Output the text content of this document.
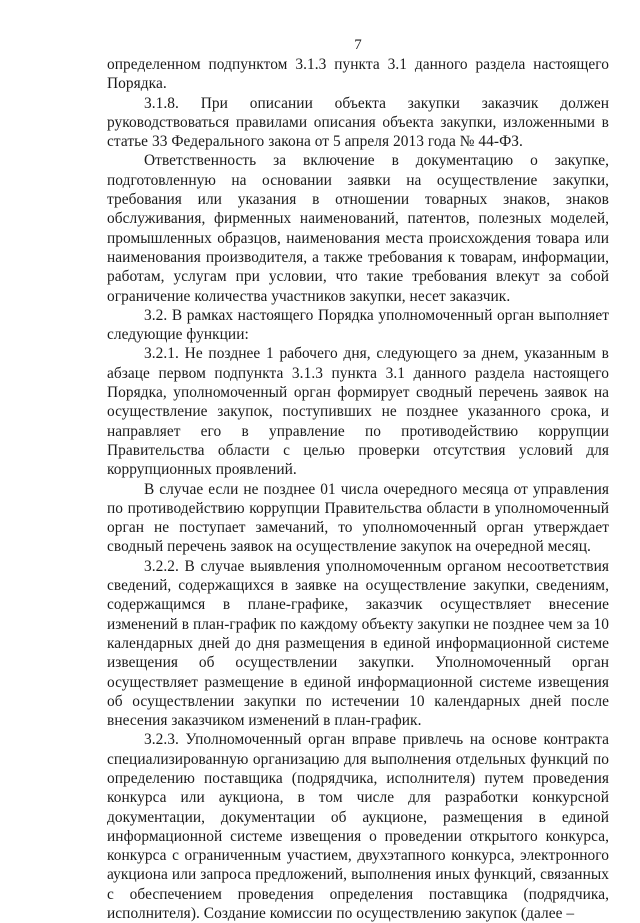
7

определенном подпунктом 3.1.3 пункта 3.1 данного раздела настоящего Порядка.

3.1.8. При описании объекта закупки заказчик должен руководствоваться правилами описания объекта закупки, изложенными в статье 33 Федерального закона от 5 апреля 2013 года № 44-ФЗ.

Ответственность за включение в документацию о закупке, подготовленную на основании заявки на осуществление закупки, требования или указания в отношении товарных знаков, знаков обслуживания, фирменных наименований, патентов, полезных моделей, промышленных образцов, наименования места происхождения товара или наименования производителя, а также требования к товарам, информации, работам, услугам при условии, что такие требования влекут за собой ограничение количества участников закупки, несет заказчик.

3.2. В рамках настоящего Порядка уполномоченный орган выполняет следующие функции:

3.2.1. Не позднее 1 рабочего дня, следующего за днем, указанным в абзаце первом подпункта 3.1.3 пункта 3.1 данного раздела настоящего Порядка, уполномоченный орган формирует сводный перечень заявок на осуществление закупок, поступивших не позднее указанного срока, и направляет его в управление по противодействию коррупции Правительства области с целью проверки отсутствия условий для коррупционных проявлений.

В случае если не позднее 01 числа очередного месяца от управления по противодействию коррупции Правительства области в уполномоченный орган не поступает замечаний, то уполномоченный орган утверждает сводный перечень заявок на осуществление закупок на очередной месяц.

3.2.2. В случае выявления уполномоченным органом несоответствия сведений, содержащихся в заявке на осуществление закупки, сведениям, содержащимся в плане-графике, заказчик осуществляет внесение изменений в план-график по каждому объекту закупки не позднее чем за 10 календарных дней до дня размещения в единой информационной системе извещения об осуществлении закупки. Уполномоченный орган осуществляет размещение в единой информационной системе извещения об осуществлении закупки по истечении 10 календарных дней после внесения заказчиком изменений в план-график.

3.2.3. Уполномоченный орган вправе привлечь на основе контракта специализированную организацию для выполнения отдельных функций по определению поставщика (подрядчика, исполнителя) путем проведения конкурса или аукциона, в том числе для разработки конкурсной документации, документации об аукционе, размещения в единой информационной системе извещения о проведении открытого конкурса, конкурса с ограниченным участием, двухэтапного конкурса, электронного аукциона или запроса предложений, выполнения иных функций, связанных с обеспечением проведения определения поставщика (подрядчика, исполнителя). Создание комиссии по осуществлению закупок (далее –
